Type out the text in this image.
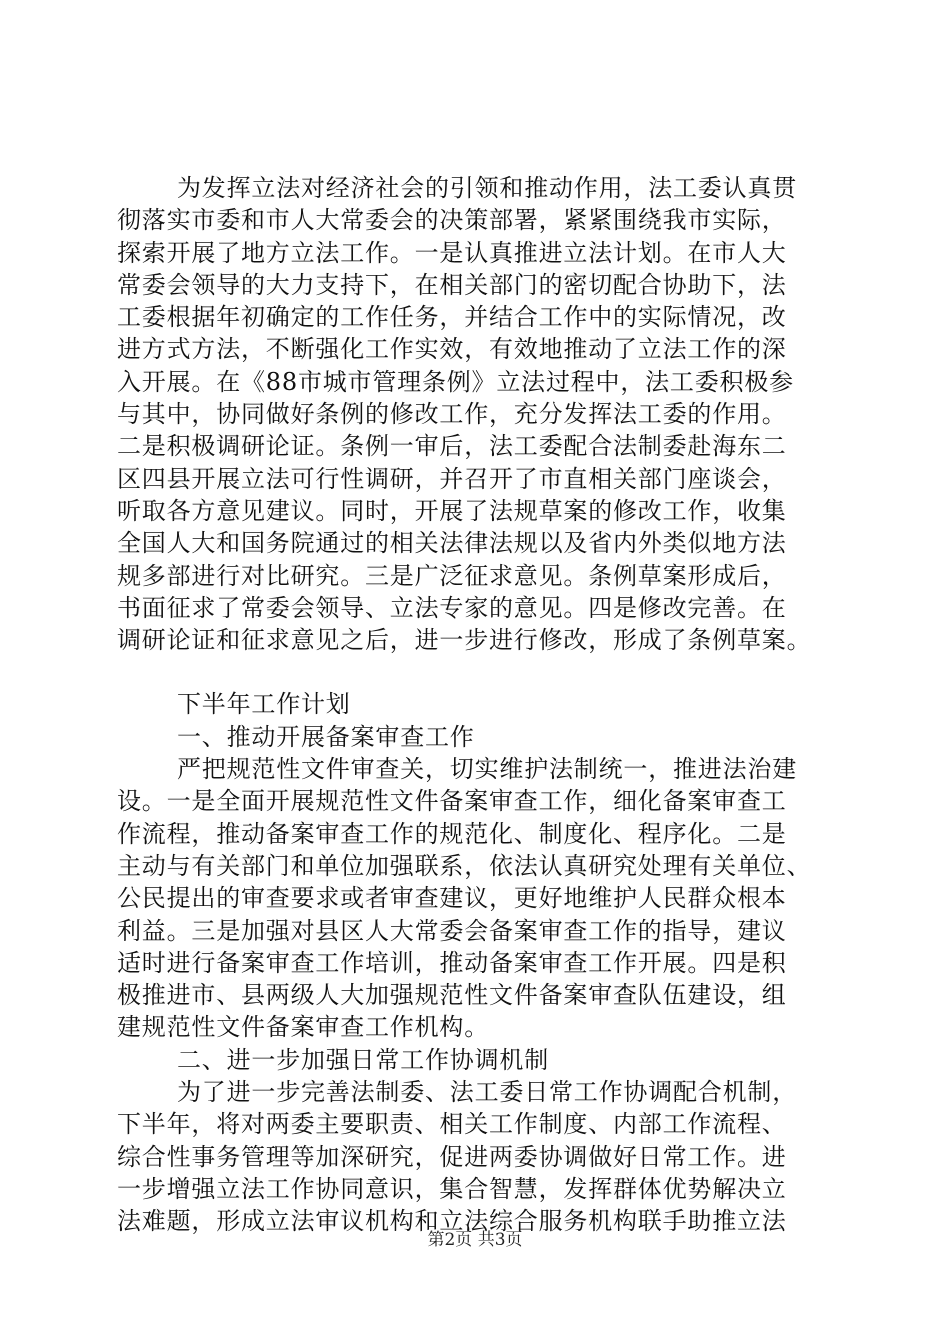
为发挥立法对经济社会的引领和推动作用，法工委认真贯
彻落实市委和市人大常委会的决策部署，紧紧围绕我市实际，
探索开展了地方立法工作。一是认真推进立法计划。在市人大
常委会领导的大力支持下，在相关部门的密切配合协助下，法
工委根据年初确定的工作任务，并结合工作中的实际情况，改
进方式方法，不断强化工作实效，有效地推动了立法工作的深
入开展。在《88市城市管理条例》立法过程中，法工委积极参
与其中，协同做好条例的修改工作，充分发挥法工委的作用。
二是积极调研论证。条例一审后，法工委配合法制委赴海东二
区四县开展立法可行性调研，并召开了市直相关部门座谈会，
听取各方意见建议。同时，开展了法规草案的修改工作，收集
全国人大和国务院通过的相关法律法规以及省内外类似地方法
规多部进行对比研究。三是广泛征求意见。条例草案形成后，
书面征求了常委会领导、立法专家的意见。四是修改完善。在
调研论证和征求意见之后，进一步进行修改，形成了条例草案。
下半年工作计划
一、推动开展备案审查工作
严把规范性文件审查关，切实维护法制统一，推进法治建
设。一是全面开展规范性文件备案审查工作，细化备案审查工
作流程，推动备案审查工作的规范化、制度化、程序化。二是
主动与有关部门和单位加强联系，依法认真研究处理有关单位、
公民提出的审查要求或者审查建议，更好地维护人民群众根本
利益。三是加强对县区人大常委会备案审查工作的指导，建议
适时进行备案审查工作培训，推动备案审查工作开展。四是积
极推进市、县两级人大加强规范性文件备案审查队伍建设，组
建规范性文件备案审查工作机构。
二、进一步加强日常工作协调机制
为了进一步完善法制委、法工委日常工作协调配合机制，
下半年，将对两委主要职责、相关工作制度、内部工作流程、
综合性事务管理等加深研究，促进两委协调做好日常工作。进
一步增强立法工作协同意识，集合智慧，发挥群体优势解决立
法难题，形成立法审议机构和立法综合服务机构联手助推立法
第2页 共3页
